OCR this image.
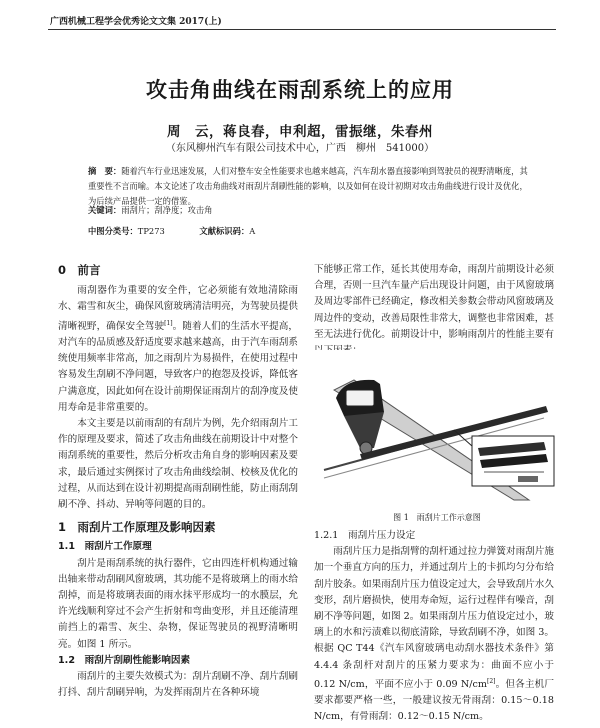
广西机械工程学会优秀论文文集 2017(上)
攻击角曲线在雨刮系统上的应用
周　云，蒋良春，申利超，雷振继，朱春州
（东风柳州汽车有限公司技术中心，广西　柳州　541000）
摘　要：随着汽车行业迅速发展，人们对整车安全性能要求也越来越高，汽车刮水器直接影响到驾驶员的视野清晰度，其重要性不言而喻。本文论述了攻击角曲线对雨刮片刮刷性能的影响，以及如何在设计初期对攻击角曲线进行设计及优化，为后续产品提供一定的借鉴。
关键词：雨刮片；刮净度；攻击角
中图分类号：TP273	文献标识码：A
0　前言

雨刮器作为重要的安全件，它必须能有效地清除雨水、霜雪和灰尘，确保风窗玻璃清洁明亮，为驾驶员提供清晰视野，确保安全驾驶[1]。随着人们的生活水平提高，对汽车的品质感及舒适度要求越来越高，由于汽车雨刮系统使用频率非常高，加之雨刮片为易损件，在使用过程中容易发生刮刷不净问题，导致客户的抱怨及投诉，降低客户满意度，因此如何在设计前期保证雨刮片的刮净度及使用寿命是非常重要的。

本文主要是以前雨刮的有刮片为例，先介绍雨刮片工作的原理及要求，简述了攻击角曲线在前期设计中对整个雨刮系统的重要性，然后分析攻击角自身的影响因素及要求，最后通过实例探讨了攻击角曲线绘制、校核及优化的过程，从而达到在设计初期提高雨刮刷性能，防止雨刮刮刷不净、抖动、异响等问题的目的。

1　雨刮片工作原理及影响因素
1.1　雨刮片工作原理

刮片是雨刮系统的执行器件，它由四连杆机构通过输出轴来带动刮刷风窗玻璃，其功能不是将玻璃上的雨水给刮掉，而是将玻璃表面的雨水抹平形成均一的水膜层，允许光线顺利穿过不会产生折射和弯曲变形，并且还能清理前挡上的霜雪、灰尘、杂物，保证驾驶员的视野清晰明亮。如图 1 所示。

1.2　雨刮片刮刷性能影响因素

雨刮片的主要失效模式为：刮片刮刷不净、刮片刮刷打抖、刮片刮刷异响，为发挥雨刮片在各种环境

下能够正常工作，延长其使用寿命，雨刮片前期设计必须合理，否则一旦汽车量产后出现设计问题，由于风窗玻璃及周边零部件已经确定，修改相关参数会带动风窗玻璃及周边件的变动，改善局限性非常大，调整也非常困难，甚至无法进行优化。前期设计中，影响雨刮片的性能主要有

图 1　雨刮片工作示意图
1.2.1　雨刮片压力设定

雨刮片压力是指刮臂的刮杆通过拉力弹簧对雨刮片施加一个垂直方向的压力，并通过刮片上的卡抓均匀分布给刮片胶条。如果雨刮片压力值设定过大，会导致刮片水久变形，刮片磨损快，使用寿命短，运行过程伴有噪音，刮刷不净等问题，如图 2。如果雨刮片压力值设定过小，玻璃上的水和污渍难以彻底清除，导致刮刷不净，如图 3。根据 QC T44《汽车风窗玻璃电动刮水器技术条件》第 4.4.4 条刮杆对刮片的压紧力要求为：曲面不应小于 0.12 N/cm，平面不应小于 0.09 N/cm[2]。但各主机厂要求都要严格一些，一般建议按无骨雨刮：0.15～0.18 N/cm，有骨雨刮：0.12～0.15 N/cm。
